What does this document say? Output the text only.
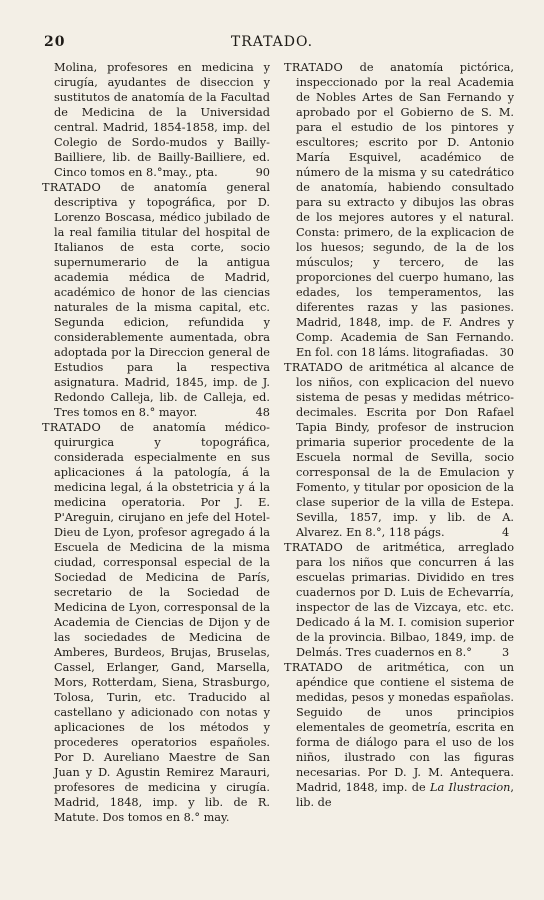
20	TRATADO.

Molina, profesores en medicina y cirugía, ayudantes de diseccion y sustitutos de anatomía de la Facultad de Medicina de la Universidad central. Madrid, 1854-1858, imp. del Colegio de Sordo-mudos y Bailly-Bailliere, lib. de Bailly-Bailliere, ed. Cinco tomos en 8.°may., pta.	90

TRATADO de anatomía general descriptiva y topográfica, por D. Lorenzo Boscasa, médico jubilado de la real familia titular del hospital de Italianos de esta corte, socio supernumerario de la antigua academia médica de Madrid, académico de honor de las ciencias naturales de la misma capital, etc. Segunda edicion, refundida y considerablemente aumentada, obra adoptada por la Direccion general de Estudios para la respectiva asignatura. Madrid, 1845, imp. de J. Redondo Calleja, lib. de Calleja, ed. Tres tomos en 8.° mayor.	48

TRATADO de anatomía médico-quirurgica y topográfica, considerada especialmente en sus aplicaciones á la patología, á la medicina legal, á la obstetricia y á la medicina operatoria. Por J. E. P'Areguin, cirujano en jefe del Hotel-Dieu de Lyon, profesor agregado á la Escuela de Medicina de la misma ciudad, corresponsal especial de la Sociedad de Medicina de París, secretario de la Sociedad de Medicina de Lyon, corresponsal de la Academia de Ciencias de Dijon y de las sociedades de Medicina de Amberes, Burdeos, Brujas, Bruselas, Cassel, Erlanger, Gand, Marsella, Mors, Rotterdam, Siena, Strasburgo, Tolosa, Turin, etc. Traducido al castellano y adicionado con notas y aplicaciones de los métodos y procederes operatorios españoles. Por D. Aureliano Maestre de San Juan y D. Agustin Remirez Marauri, profesores de medicina y cirugía. Madrid, 1848, imp. y lib. de R. Matute. Dos tomos en 8.° may.

TRATADO de anatomía pictórica, inspeccionado por la real Academia de Nobles Artes de San Fernando y aprobado por el Gobierno de S. M. para el estudio de los pintores y escultores; escrito por D. Antonio María Esquivel, académico de número de la misma y su catedrático de anatomía, habiendo consultado para su extracto y dibujos las obras de los mejores autores y el natural. Consta: primero, de la explicacion de los huesos; segundo, de la de los músculos; y tercero, de las proporciones del cuerpo humano, las edades, los temperamentos, las diferentes razas y las pasiones. Madrid, 1848, imp. de F. Andres y Comp. Academia de San Fernando. En fol. con 18 láms. litografiadas. 30

TRATADO de aritmética al alcance de los niños, con explicacion del nuevo sistema de pesas y medidas métrico-decimales. Escrita por Don Rafael Tapia Bindy, profesor de instrucion primaria superior procedente de la Escuela normal de Sevilla, socio corresponsal de la de Emulacion y Fomento, y titular por oposicion de la clase superior de la villa de Estepa. Sevilla, 1857, imp. y lib. de A. Alvarez. En 8.°, 118 págs.	4

TRATADO de aritmética, arreglado para los niños que concurren á las escuelas primarias. Dividido en tres cuadernos por D. Luis de Echevarría, inspector de las de Vizcaya, etc. etc. Dedicado á la M. I. comision superior de la provincia. Bilbao, 1849, imp. de Delmás. Tres cuadernos en 8.°	3

TRATADO de aritmética, con un apéndice que contiene el sistema de medidas, pesos y monedas españolas. Seguido de unos principios elementales de geometría, escrita en forma de diálogo para el uso de los niños, ilustrado con las figuras necesarias. Por D. J. M. Antequera. Madrid, 1848, imp. de La Ilustracion, lib. de
